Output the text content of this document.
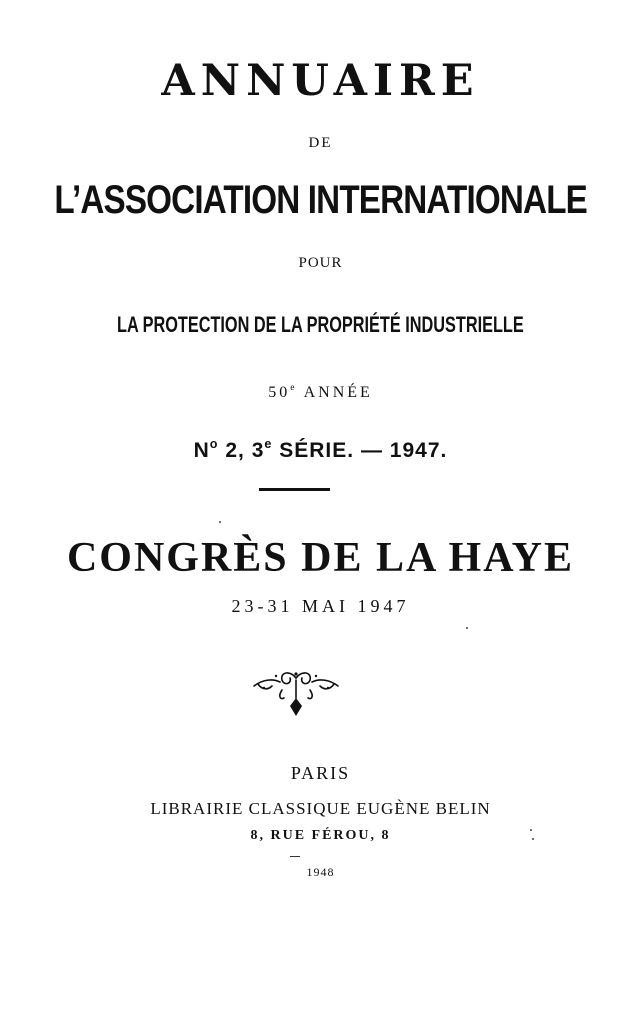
ANNUAIRE
DE
L’ASSOCIATION INTERNATIONALE
POUR
LA PROTECTION DE LA PROPRIÉTÉ INDUSTRIELLE
50e ANNÉE
$N^o$ 2, 3e SÉRIE. — 1947.
CONGRÈS DE LA HAYE
23-31 MAI 1947
PARIS
LIBRAIRIE CLASSIQUE EUGÈNE BELIN
8, RUE FÉROU, 8
1948
